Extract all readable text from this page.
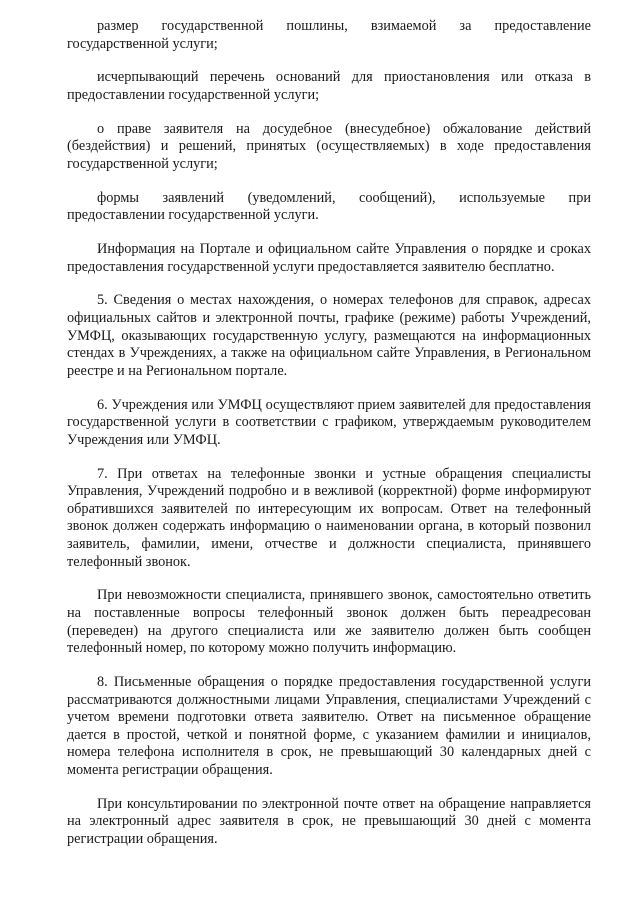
размер государственной пошлины, взимаемой за предоставление государственной услуги;

исчерпывающий перечень оснований для приостановления или отказа в предоставлении государственной услуги;

о праве заявителя на досудебное (внесудебное) обжалование действий (бездействия) и решений, принятых (осуществляемых) в ходе предоставления государственной услуги;

формы заявлений (уведомлений, сообщений), используемые при предоставлении государственной услуги.

Информация на Портале и официальном сайте Управления о порядке и сроках предоставления государственной услуги предоставляется заявителю бесплатно.

5. Сведения о местах нахождения, о номерах телефонов для справок, адресах официальных сайтов и электронной почты, графике (режиме) работы Учреждений, УМФЦ, оказывающих государственную услугу, размещаются на информационных стендах в Учреждениях, а также на официальном сайте Управления, в Региональном реестре и на Региональном портале.

6. Учреждения или УМФЦ осуществляют прием заявителей для предоставления государственной услуги в соответствии с графиком, утверждаемым руководителем Учреждения или УМФЦ.

7. При ответах на телефонные звонки и устные обращения специалисты Управления, Учреждений подробно и в вежливой (корректной) форме информируют обратившихся заявителей по интересующим их вопросам. Ответ на телефонный звонок должен содержать информацию о наименовании органа, в который позвонил заявитель, фамилии, имени, отчестве и должности специалиста, принявшего телефонный звонок.

При невозможности специалиста, принявшего звонок, самостоятельно ответить на поставленные вопросы телефонный звонок должен быть переадресован (переведен) на другого специалиста или же заявителю должен быть сообщен телефонный номер, по которому можно получить информацию.

8. Письменные обращения о порядке предоставления государственной услуги рассматриваются должностными лицами Управления, специалистами Учреждений с учетом времени подготовки ответа заявителю. Ответ на письменное обращение дается в простой, четкой и понятной форме, с указанием фамилии и инициалов, номера телефона исполнителя в срок, не превышающий 30 календарных дней с момента регистрации обращения.

При консультировании по электронной почте ответ на обращение направляется на электронный адрес заявителя в срок, не превышающий 30 дней с момента регистрации обращения.
